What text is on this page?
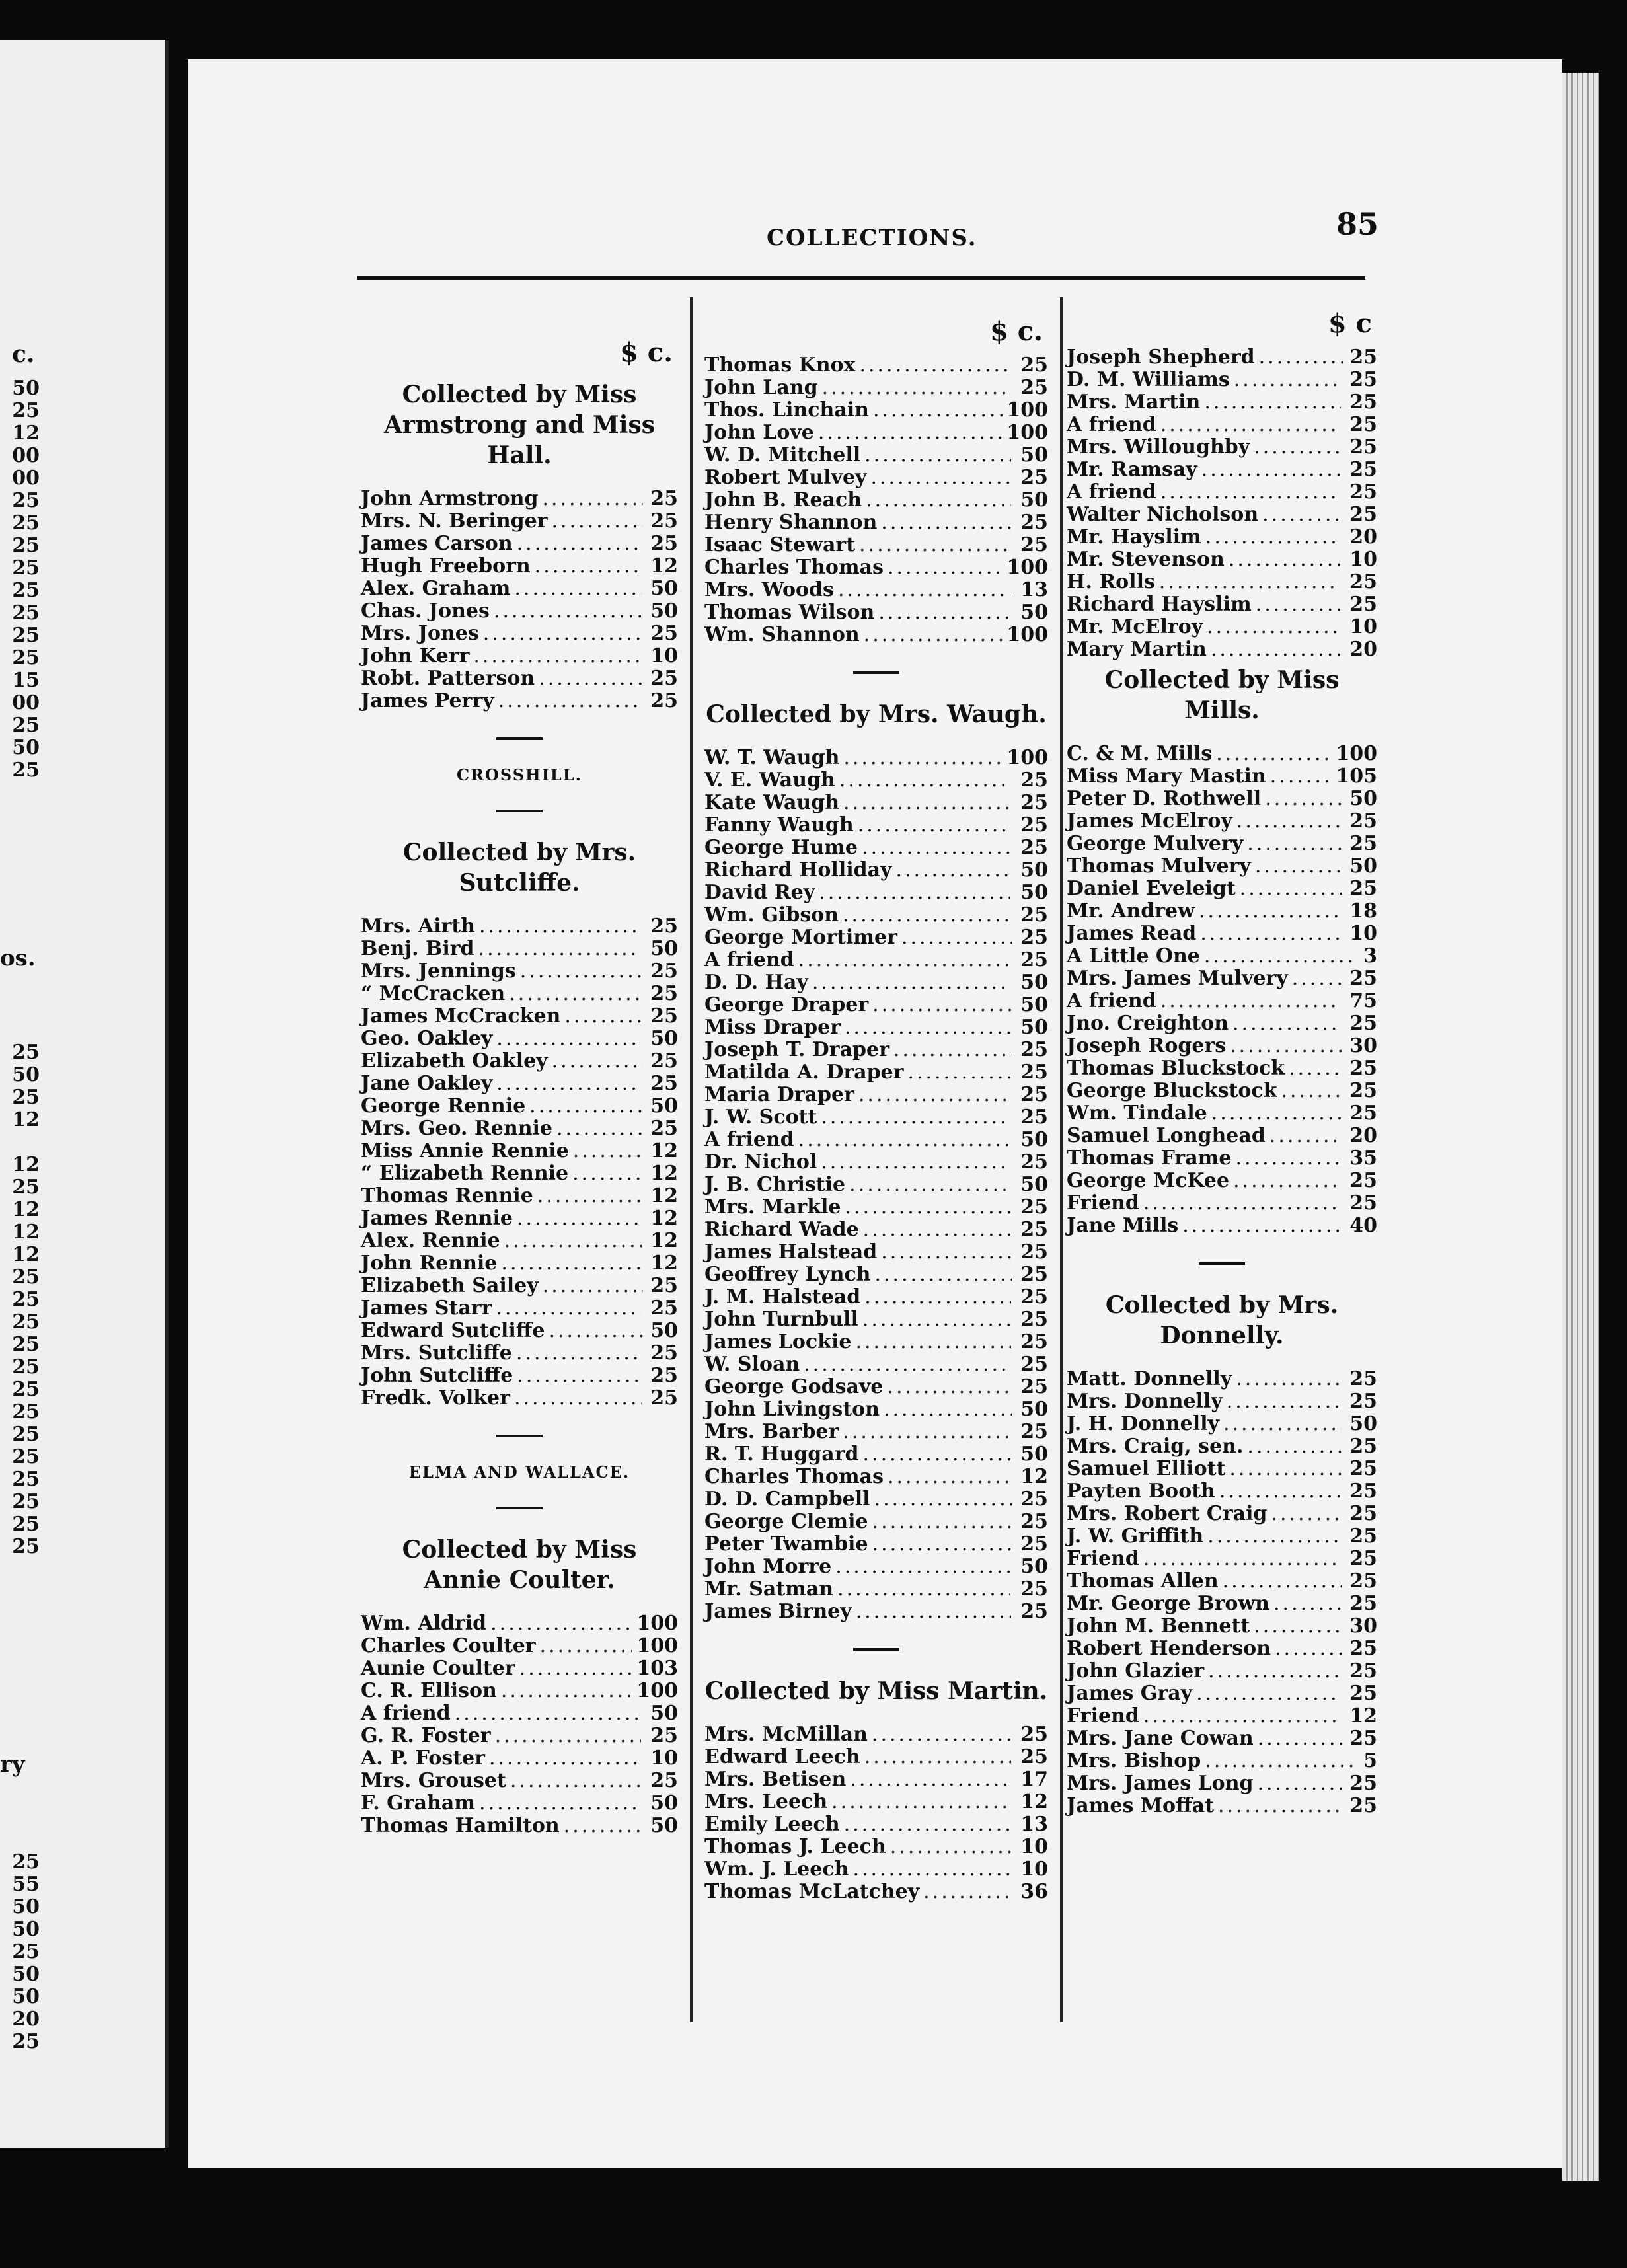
c.
50
25
12
00
00
25
25
25
25
25
25
25
25
15
00
25
50
25
os.
25
50
25
12
12
25
12
12
12
25
25
25
25
25
25
25
25
25
25
25
25
25
ry
25
55
50
50
25
50
50
20
25
COLLECTIONS.	85
$ c.
Collected by Miss Armstrong and Miss Hall.
John Armstrong .....	25
Mrs. N. Beringer .....	25
James Carson .....	25
Hugh Freeborn .....	12
Alex. Graham .....	50
Chas. Jones .....	50
Mrs. Jones .....	25
John Kerr .....	10
Robt. Patterson .....	25
James Perry .....	25
CROSSHILL.
Collected by Mrs. Sutcliffe.
Mrs. Airth .....	25
Benj. Bird .....	50
Mrs. Jennings .....	25
“ McCracken .....	25
James McCracken .....	25
Geo. Oakley .....	50
Elizabeth Oakley .....	25
Jane Oakley .....	25
George Rennie .....	50
Mrs. Geo. Rennie .....	25
Miss Annie Rennie .....	12
“ Elizabeth Rennie .....	12
Thomas Rennie .....	12
James Rennie .....	12
Alex. Rennie .....	12
John Rennie .....	12
Elizabeth Sailey .....	25
James Starr .....	25
Edward Sutcliffe .....	50
Mrs. Sutcliffe .....	25
John Sutcliffe .....	25
Fredk. Volker .....	25
ELMA AND WALLACE.
Collected by Miss Annie Coulter.
Wm. Aldrid .....	1 00
Charles Coulter .....	1 00
Aunie Coulter .....	1 03
C. R. Ellison .....	1 00
A friend .....	50
G. R. Foster .....	25
A. P. Foster .....	10
Mrs. Grouset .....	25
F. Graham .....	50
Thomas Hamilton .....	50
$ c.
Thomas Knox .....	25
John Lang .....	25
Thos. Linchain .....	1 00
John Love .....	1 00
W. D. Mitchell .....	50
Robert Mulvey .....	25
John B. Reach .....	50
Henry Shannon .....	25
Isaac Stewart .....	25
Charles Thomas .....	1 00
Mrs. Woods .....	13
Thomas Wilson .....	50
Wm. Shannon .....	1 00
Collected by Mrs. Waugh.
W. T. Waugh .....	1 00
V. E. Waugh .....	25
Kate Waugh .....	25
Fanny Waugh .....	25
George Hume .....	25
Richard Holliday .....	50
David Rey .....	50
Wm. Gibson .....	25
George Mortimer .....	25
A friend .....	25
D. D. Hay .....	50
George Draper .....	50
Miss Draper .....	50
Joseph T. Draper .....	25
Matilda A. Draper .....	25
Maria Draper .....	25
J. W. Scott .....	25
A friend .....	50
Dr. Nichol .....	25
J. B. Christie .....	50
Mrs. Markle .....	25
Richard Wade .....	25
James Halstead .....	25
Geoffrey Lynch .....	25
J. M. Halstead .....	25
John Turnbull .....	25
James Lockie .....	25
W. Sloan .....	25
George Godsave .....	25
John Livingston .....	50
Mrs. Barber .....	25
R. T. Huggard .....	50
Charles Thomas .....	12
D. D. Campbell .....	25
George Clemie .....	25
Peter Twambie .....	25
John Morre .....	50
Mr. Satman .....	25
James Birney .....	25
Collected by Miss Martin.
Mrs. McMillan .....	25
Edward Leech .....	25
Mrs. Betisen .....	17
Mrs. Leech .....	12
Emily Leech .....	13
Thomas J. Leech .....	10
Wm. J. Leech .....	10
Thomas McLatchey .....	36
$ c
Joseph Shepherd .....	25
D. M. Williams .....	25
Mrs. Martin .....	25
A friend .....	25
Mrs. Willoughby .....	25
Mr. Ramsay .....	25
A friend .....	25
Walter Nicholson .....	25
Mr. Hayslim .....	20
Mr. Stevenson .....	10
H. Rolls .....	25
Richard Hayslim .....	25
Mr. McElroy .....	10
Mary Martin .....	20
Collected by Miss Mills.
C. & M. Mills .....	1 00
Miss Mary Mastin .....	1 05
Peter D. Rothwell .....	50
James McElroy .....	25
George Mulvery .....	25
Thomas Mulvery .....	50
Daniel Eveleigt .....	25
Mr. Andrew .....	18
James Read .....	10
A Little One .....	3
Mrs. James Mulvery .....	25
A friend .....	75
Jno. Creighton .....	25
Joseph Rogers .....	30
Thomas Bluckstock .....	25
George Bluckstock .....	25
Wm. Tindale .....	25
Samuel Longhead .....	20
Thomas Frame .....	35
George McKee .....	25
Friend .....	25
Jane Mills .....	40
Collected by Mrs. Donnelly.
Matt. Donnelly .....	25
Mrs. Donnelly .....	25
J. H. Donnelly .....	50
Mrs. Craig, sen. .....	25
Samuel Elliott .....	25
Payten Booth .....	25
Mrs. Robert Craig .....	25
J. W. Griffith .....	25
Friend .....	25
Thomas Allen .....	25
Mr. George Brown .....	25
John M. Bennett .....	30
Robert Henderson .....	25
John Glazier .....	25
James Gray .....	25
Friend .....	12
Mrs. Jane Cowan .....	25
Mrs. Bishop .....	5
Mrs. James Long .....	25
James Moffat .....	25
